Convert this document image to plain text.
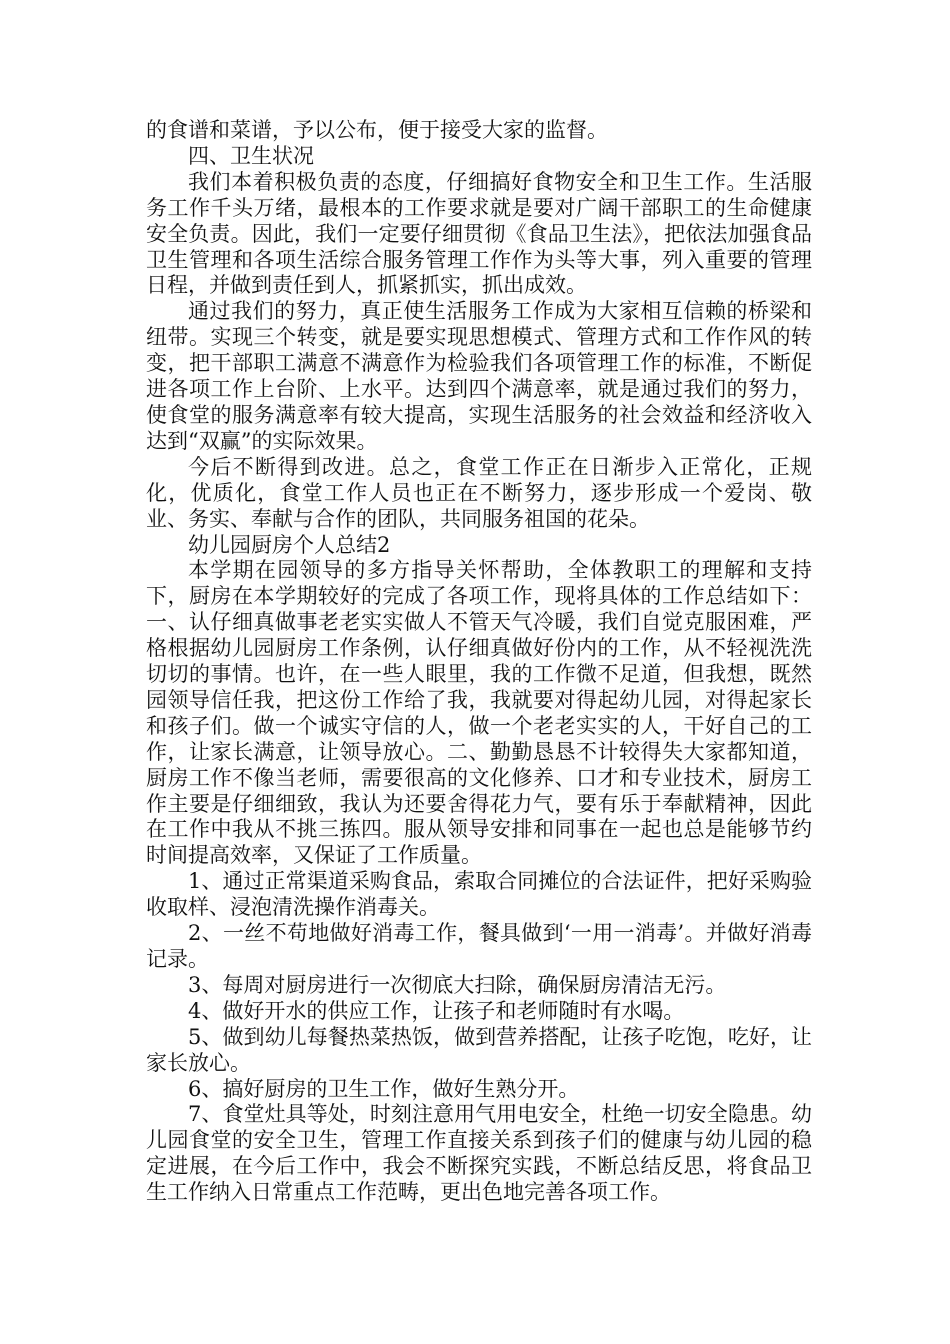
的食谱和菜谱，予以公布，便于接受大家的监督。

四、卫生状况

我们本着积极负责的态度，仔细搞好食物安全和卫生工作。生活服务工作千头万绪，最根本的工作要求就是要对广阔干部职工的生命健康安全负责。因此，我们一定要仔细贯彻《食品卫生法》，把依法加强食品卫生管理和各项生活综合服务管理工作作为头等大事，列入重要的管理日程，并做到责任到人，抓紧抓实，抓出成效。

通过我们的努力，真正使生活服务工作成为大家相互信赖的桥梁和纽带。实现三个转变，就是要实现思想模式、管理方式和工作作风的转变，把干部职工满意不满意作为检验我们各项管理工作的标准，不断促进各项工作上台阶、上水平。达到四个满意率，就是通过我们的努力，使食堂的服务满意率有较大提高，实现生活服务的社会效益和经济收入达到“双赢”的实际效果。

今后不断得到改进。总之，食堂工作正在日渐步入正常化，正规化，优质化，食堂工作人员也正在不断努力，逐步形成一个爱岗、敬业、务实、奉献与合作的团队，共同服务祖国的花朵。

幼儿园厨房个人总结2

本学期在园领导的多方指导关怀帮助，全体教职工的理解和支持下，厨房在本学期较好的完成了各项工作，现将具体的工作总结如下：一、认仔细真做事老老实实做人不管天气冷暖，我们自觉克服困难，严格根据幼儿园厨房工作条例，认仔细真做好份内的工作，从不轻视洗洗切切的事情。也许，在一些人眼里，我的工作微不足道，但我想，既然园领导信任我，把这份工作给了我，我就要对得起幼儿园，对得起家长和孩子们。做一个诚实守信的人，做一个老老实实的人，干好自己的工作，让家长满意，让领导放心。二、勤勤恳恳不计较得失大家都知道，厨房工作不像当老师，需要很高的文化修养、口才和专业技术，厨房工作主要是仔细细致，我认为还要舍得花力气，要有乐于奉献精神，因此在工作中我从不挑三拣四。服从领导安排和同事在一起也总是能够节约时间提高效率，又保证了工作质量。

1、通过正常渠道采购食品，索取合同摊位的合法证件，把好采购验收取样、浸泡清洗操作消毒关。

2、一丝不苟地做好消毒工作，餐具做到‘一用一消毒’。并做好消毒记录。

3、每周对厨房进行一次彻底大扫除，确保厨房清洁无污。

4、做好开水的供应工作，让孩子和老师随时有水喝。

5、做到幼儿每餐热菜热饭，做到营养搭配，让孩子吃饱，吃好，让家长放心。

6、搞好厨房的卫生工作，做好生熟分开。

7、食堂灶具等处，时刻注意用气用电安全，杜绝一切安全隐患。幼儿园食堂的安全卫生，管理工作直接关系到孩子们的健康与幼儿园的稳定进展，在今后工作中，我会不断探究实践，不断总结反思，将食品卫生工作纳入日常重点工作范畴，更出色地完善各项工作。
